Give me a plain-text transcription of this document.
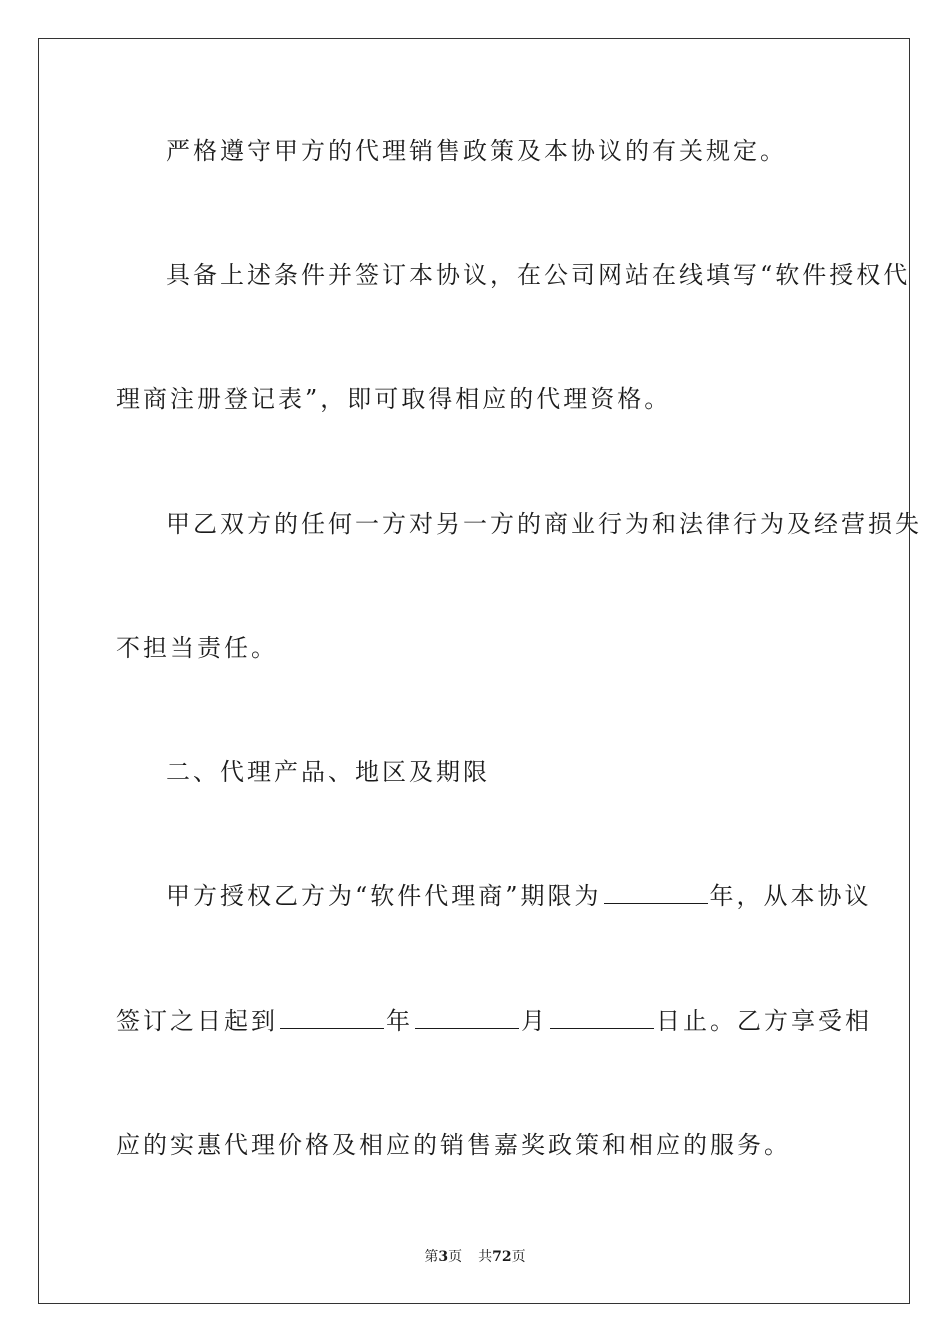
严格遵守甲方的代理销售政策及本协议的有关规定。
具备上述条件并签订本协议，在公司网站在线填写“软件授权代
理商注册登记表”，即可取得相应的代理资格。
甲乙双方的任何一方对另一方的商业行为和法律行为及经营损失
不担当责任。
二、代理产品、地区及期限
甲方授权乙方为“软件代理商”期限为	年，从本协议
签订之日起到	年	月	日止。乙方享受相
应的实惠代理价格及相应的销售嘉奖政策和相应的服务。
第3页 共72页
